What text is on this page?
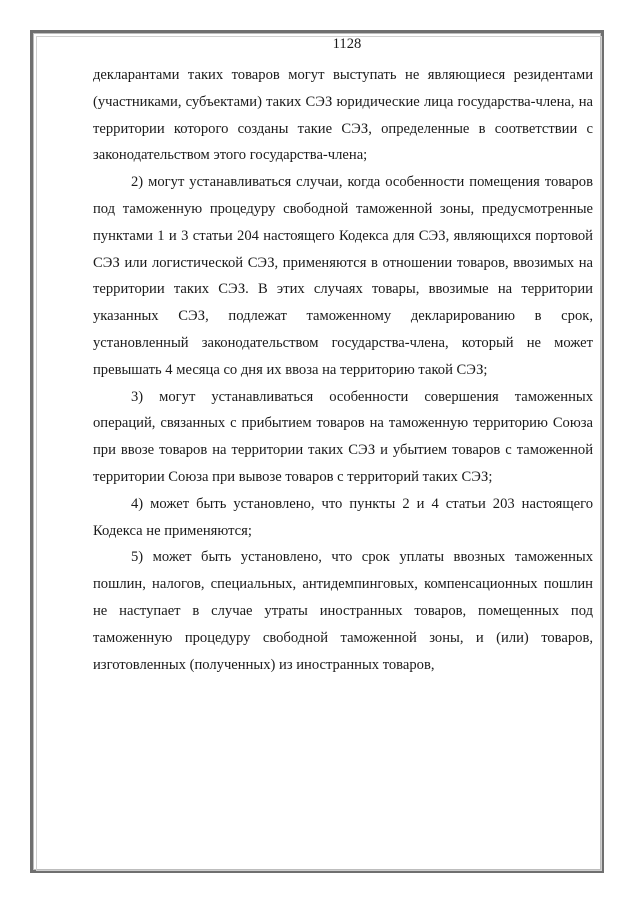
1128

декларантами таких товаров могут выступать не являющиеся резидентами (участниками, субъектами) таких СЭЗ юридические лица государства-члена, на территории которого созданы такие СЭЗ, определенные в соответствии с законодательством этого государства-члена;

2) могут устанавливаться случаи, когда особенности помещения товаров под таможенную процедуру свободной таможенной зоны, предусмотренные пунктами 1 и 3 статьи 204 настоящего Кодекса для СЭЗ, являющихся портовой СЭЗ или логистической СЭЗ, применяются в отношении товаров, ввозимых на территории таких СЭЗ. В этих случаях товары, ввозимые на территории указанных СЭЗ, подлежат таможенному декларированию в срок, установленный законодательством государства-члена, который не может превышать 4 месяца со дня их ввоза на территорию такой СЭЗ;

3) могут устанавливаться особенности совершения таможенных операций, связанных с прибытием товаров на таможенную территорию Союза при ввозе товаров на территории таких СЭЗ и убытием товаров с таможенной территории Союза при вывозе товаров с территорий таких СЭЗ;

4) может быть установлено, что пункты 2 и 4 статьи 203 настоящего Кодекса не применяются;

5) может быть установлено, что срок уплаты ввозных таможенных пошлин, налогов, специальных, антидемпинговых, компенсационных пошлин не наступает в случае утраты иностранных товаров, помещенных под таможенную процедуру свободной таможенной зоны, и (или) товаров, изготовленных (полученных) из иностранных товаров,
